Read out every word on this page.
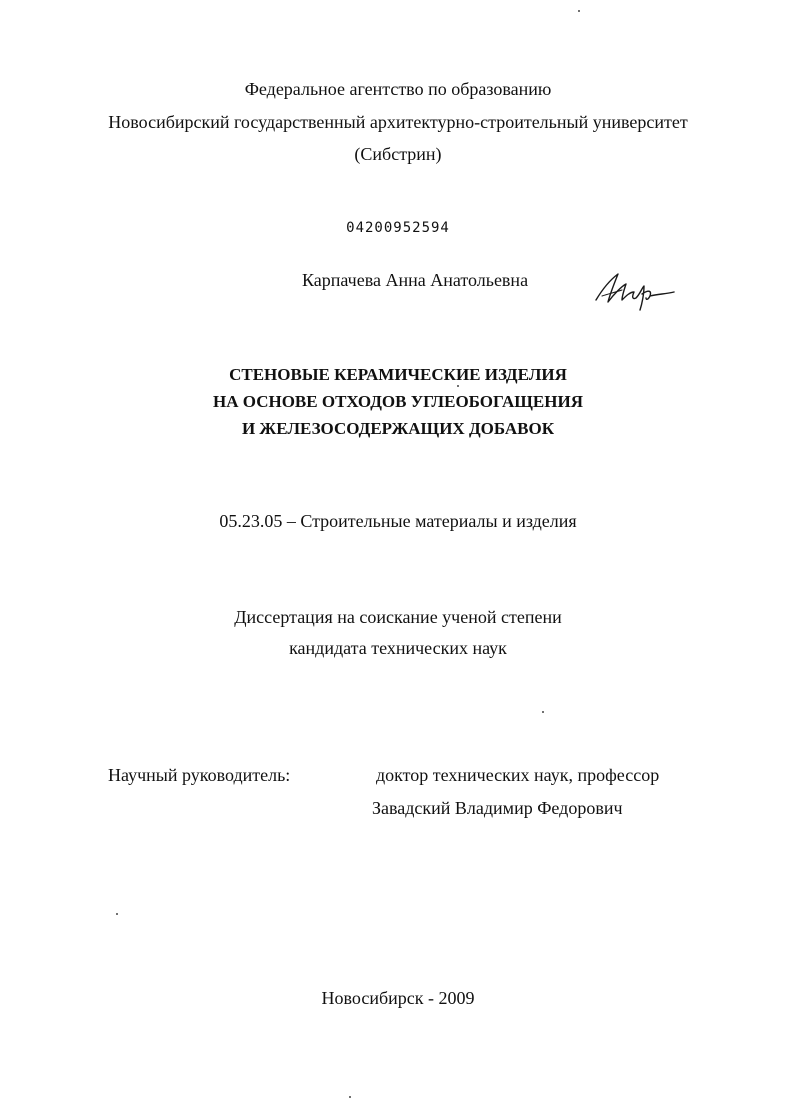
Федеральное агентство по образованию
Новосибирский государственный архитектурно-строительный университет
(Сибстрин)
04200952594
Карпачева Анна Анатольевна
СТЕНОВЫЕ КЕРАМИЧЕСКИЕ ИЗДЕЛИЯ
НА ОСНОВЕ ОТХОДОВ УГЛЕОБОГАЩЕНИЯ
И ЖЕЛЕЗОСОДЕРЖАЩИХ ДОБАВОК
05.23.05 – Строительные материалы и изделия
Диссертация на соискание ученой степени
кандидата технических наук
Научный руководитель:	доктор технических наук, профессор
Завадский Владимир Федорович
Новосибирск - 2009
